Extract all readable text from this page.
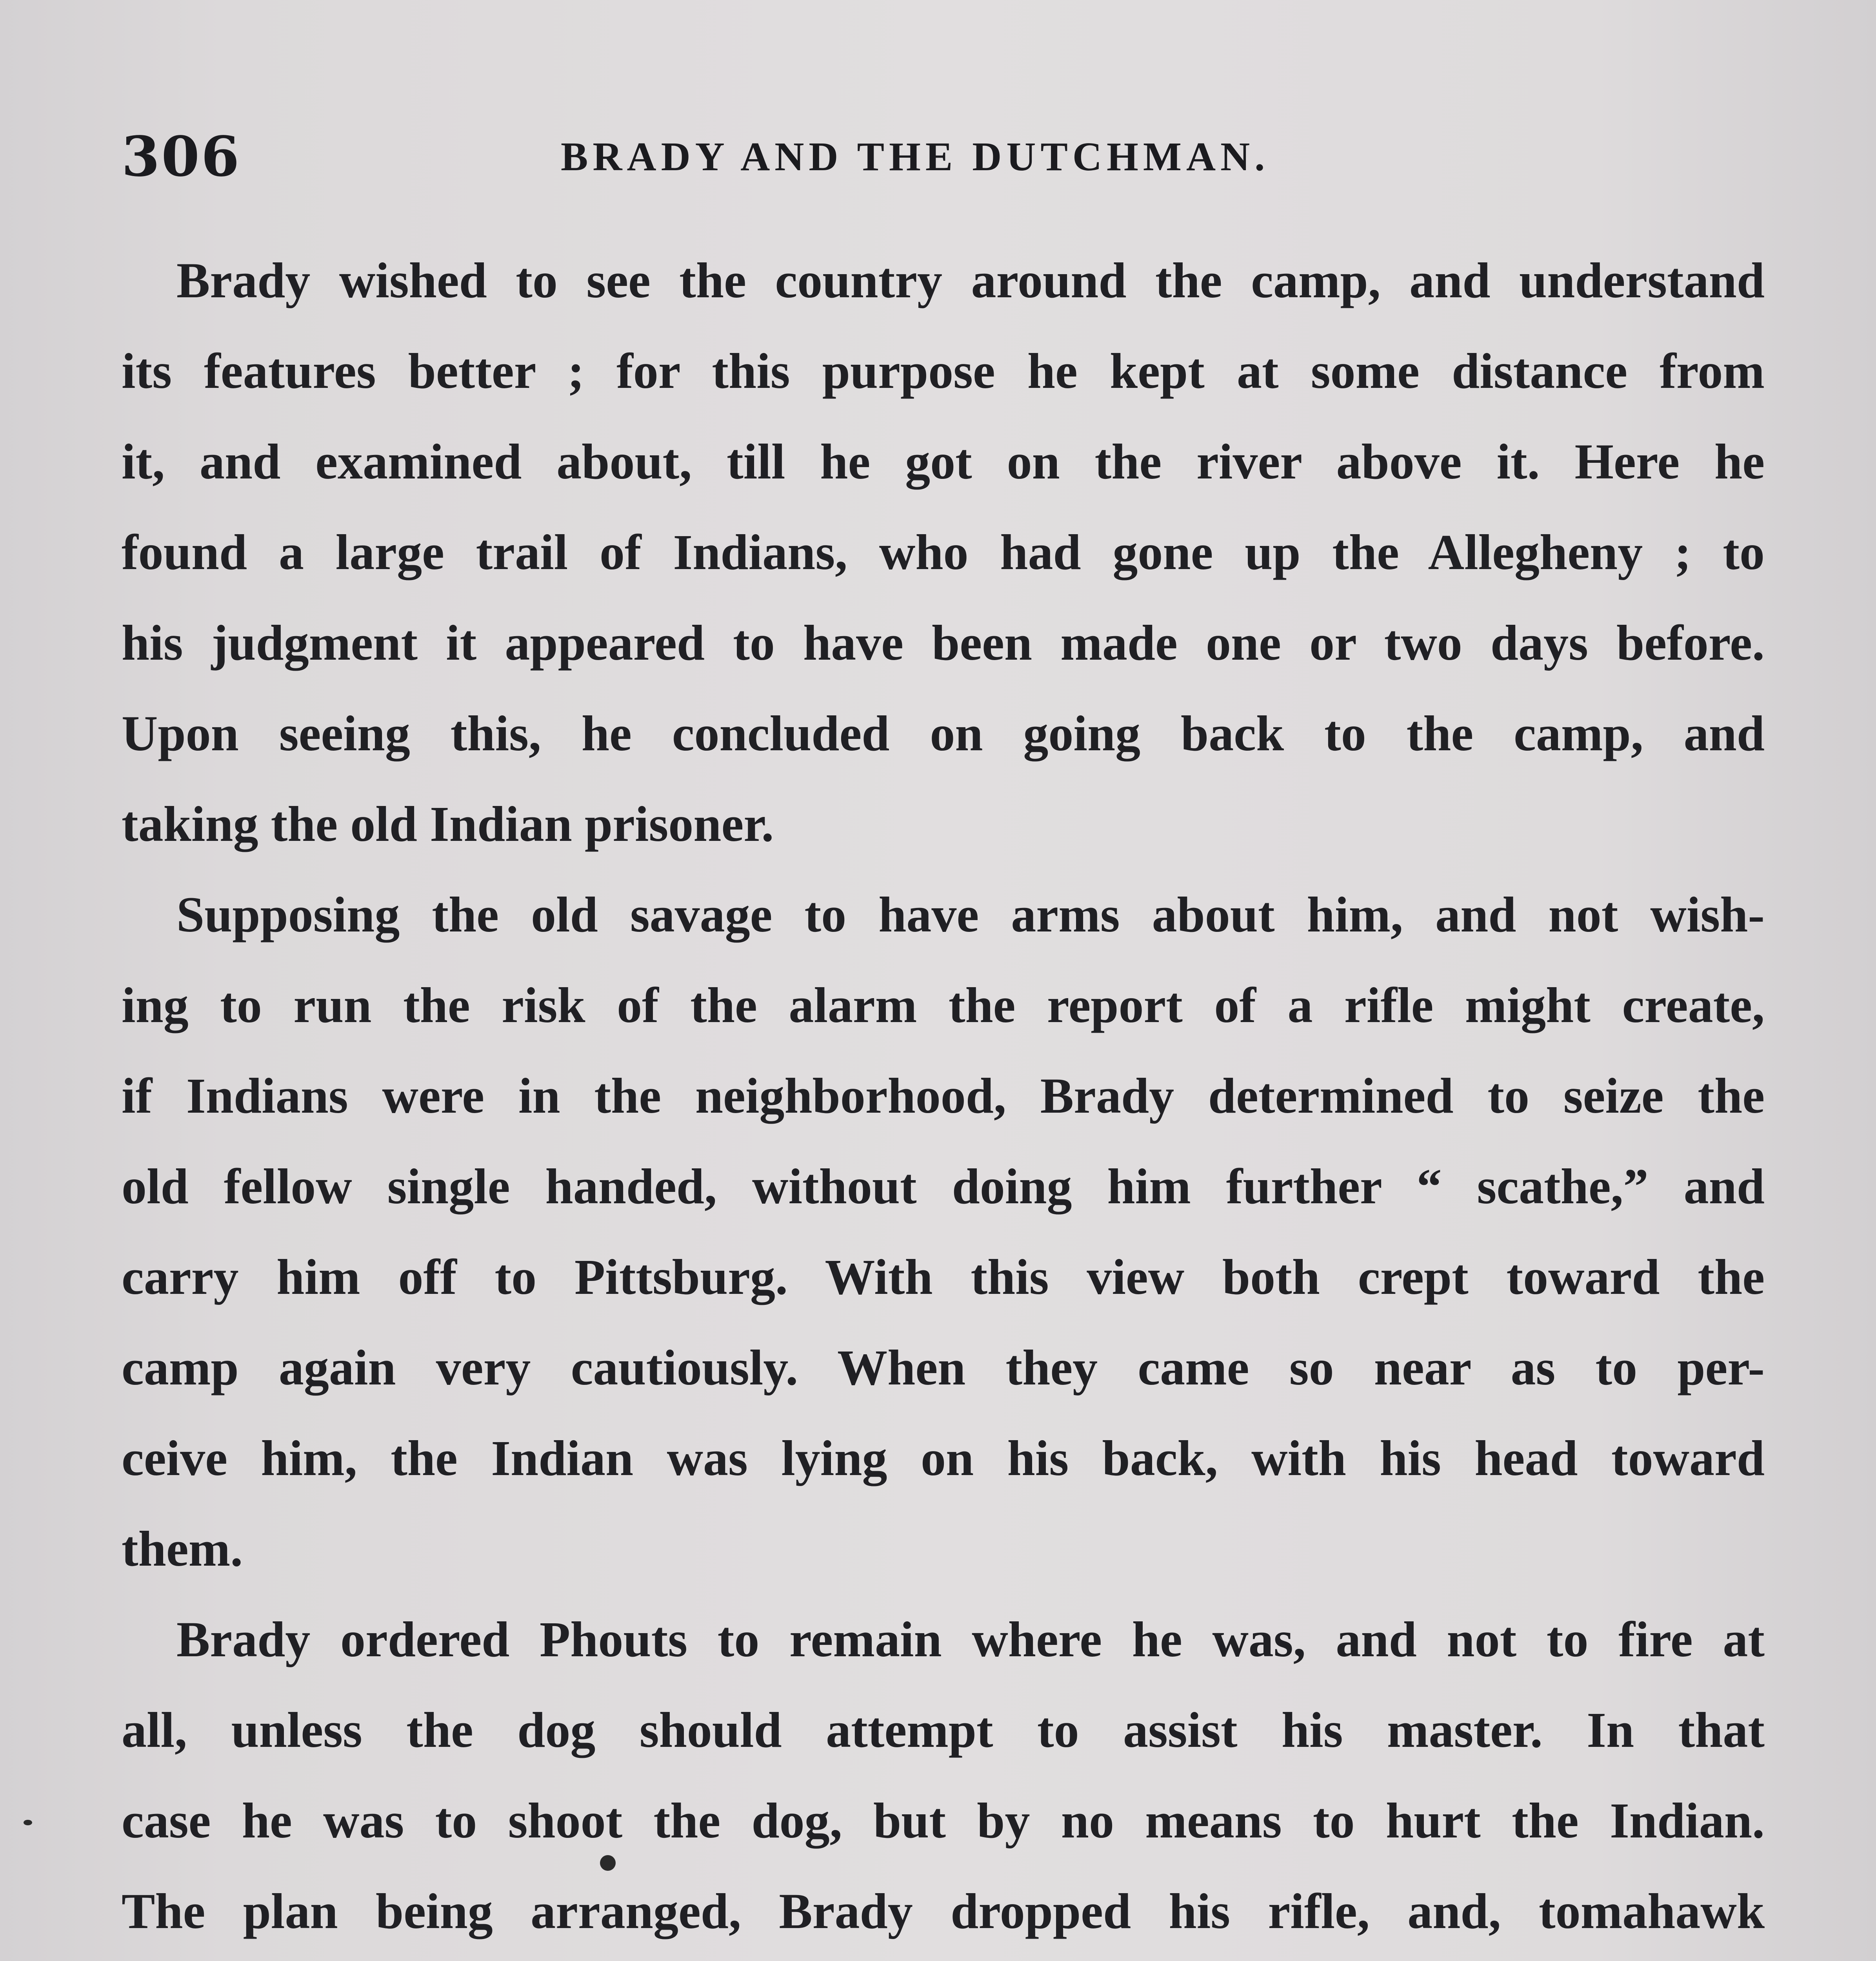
306	BRADY AND THE DUTCHMAN.
Brady wished to see the country around the camp, and understand
its features better ; for this purpose he kept at some distance from
it, and examined about, till he got on the river above it. Here he
found a large trail of Indians, who had gone up the Allegheny ; to
his judgment it appeared to have been made one or two days before.
Upon seeing this, he concluded on going back to the camp, and
taking the old Indian prisoner.
Supposing the old savage to have arms about him, and not wish-
ing to run the risk of the alarm the report of a rifle might create,
if Indians were in the neighborhood, Brady determined to seize the
old fellow single handed, without doing him further “ scathe,” and
carry him off to Pittsburg. With this view both crept toward the
camp again very cautiously. When they came so near as to per-
ceive him, the Indian was lying on his back, with his head toward
them.
Brady ordered Phouts to remain where he was, and not to fire at
all, unless the dog should attempt to assist his master. In that
case he was to shoot the dog, but by no means to hurt the Indian.
The plan being arranged, Brady dropped his rifle, and, tomahawk
